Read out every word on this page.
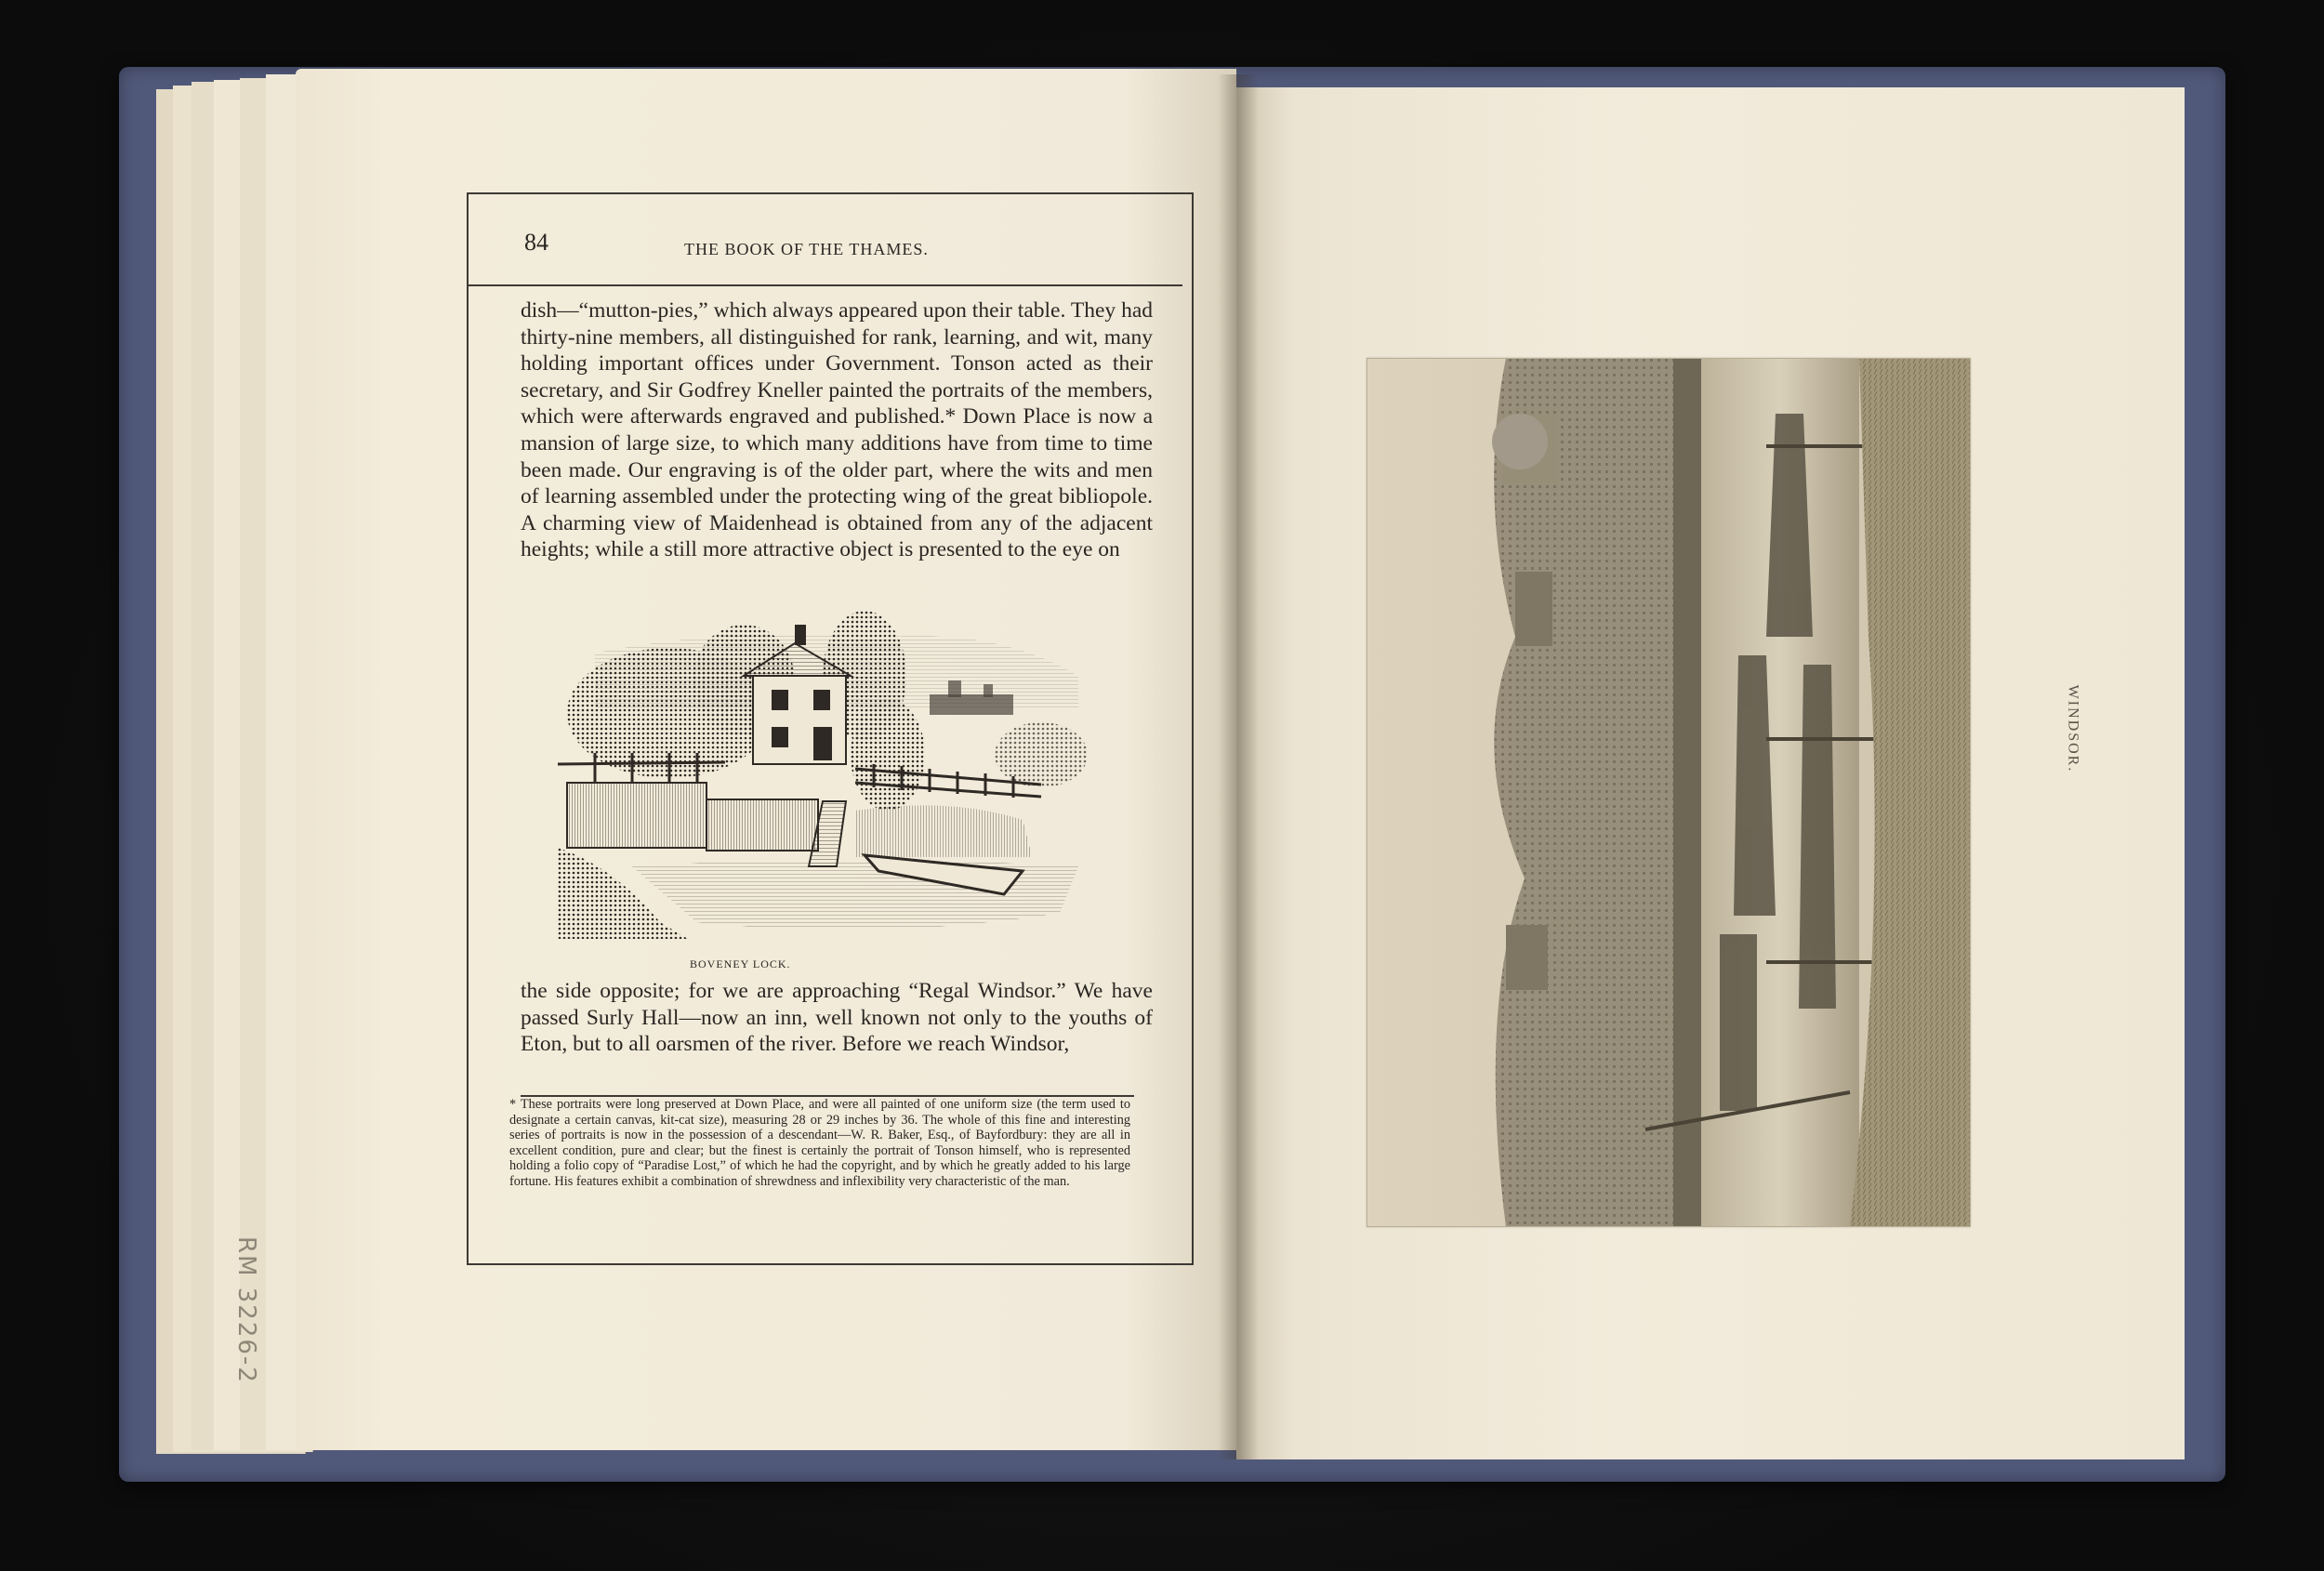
84	THE BOOK OF THE THAMES.
dish—“mutton-pies,” which always appeared upon their table. They had thirty-nine members, all distinguished for rank, learning, and wit, many holding important offices under Government. Tonson acted as their secretary, and Sir Godfrey Kneller painted the portraits of the members, which were afterwards engraved and published.* Down Place is now a mansion of large size, to which many additions have from time to time been made. Our engraving is of the older part, where the wits and men of learning assembled under the protecting wing of the great bibliopole. A charming view of Maidenhead is obtained from any of the adjacent heights; while a still more attractive object is presented to the eye on
BOVENEY LOCK.
the side opposite; for we are approaching “Regal Windsor.” We have passed Surly Hall—now an inn, well known not only to the youths of Eton, but to all oarsmen of the river. Before we reach Windsor,
* These portraits were long preserved at Down Place, and were all painted of one uniform size (the term used to designate a certain canvas, kit-cat size), measuring 28 or 29 inches by 36. The whole of this fine and interesting series of portraits is now in the possession of a descendant—W. R. Baker, Esq., of Bayfordbury: they are all in excellent condition, pure and clear; but the finest is certainly the portrait of Tonson himself, who is represented holding a folio copy of “Paradise Lost,” of which he had the copyright, and by which he greatly added to his large fortune. His features exhibit a combination of shrewdness and inflexibility very characteristic of the man.
RM 3226-2
WINDSOR.
